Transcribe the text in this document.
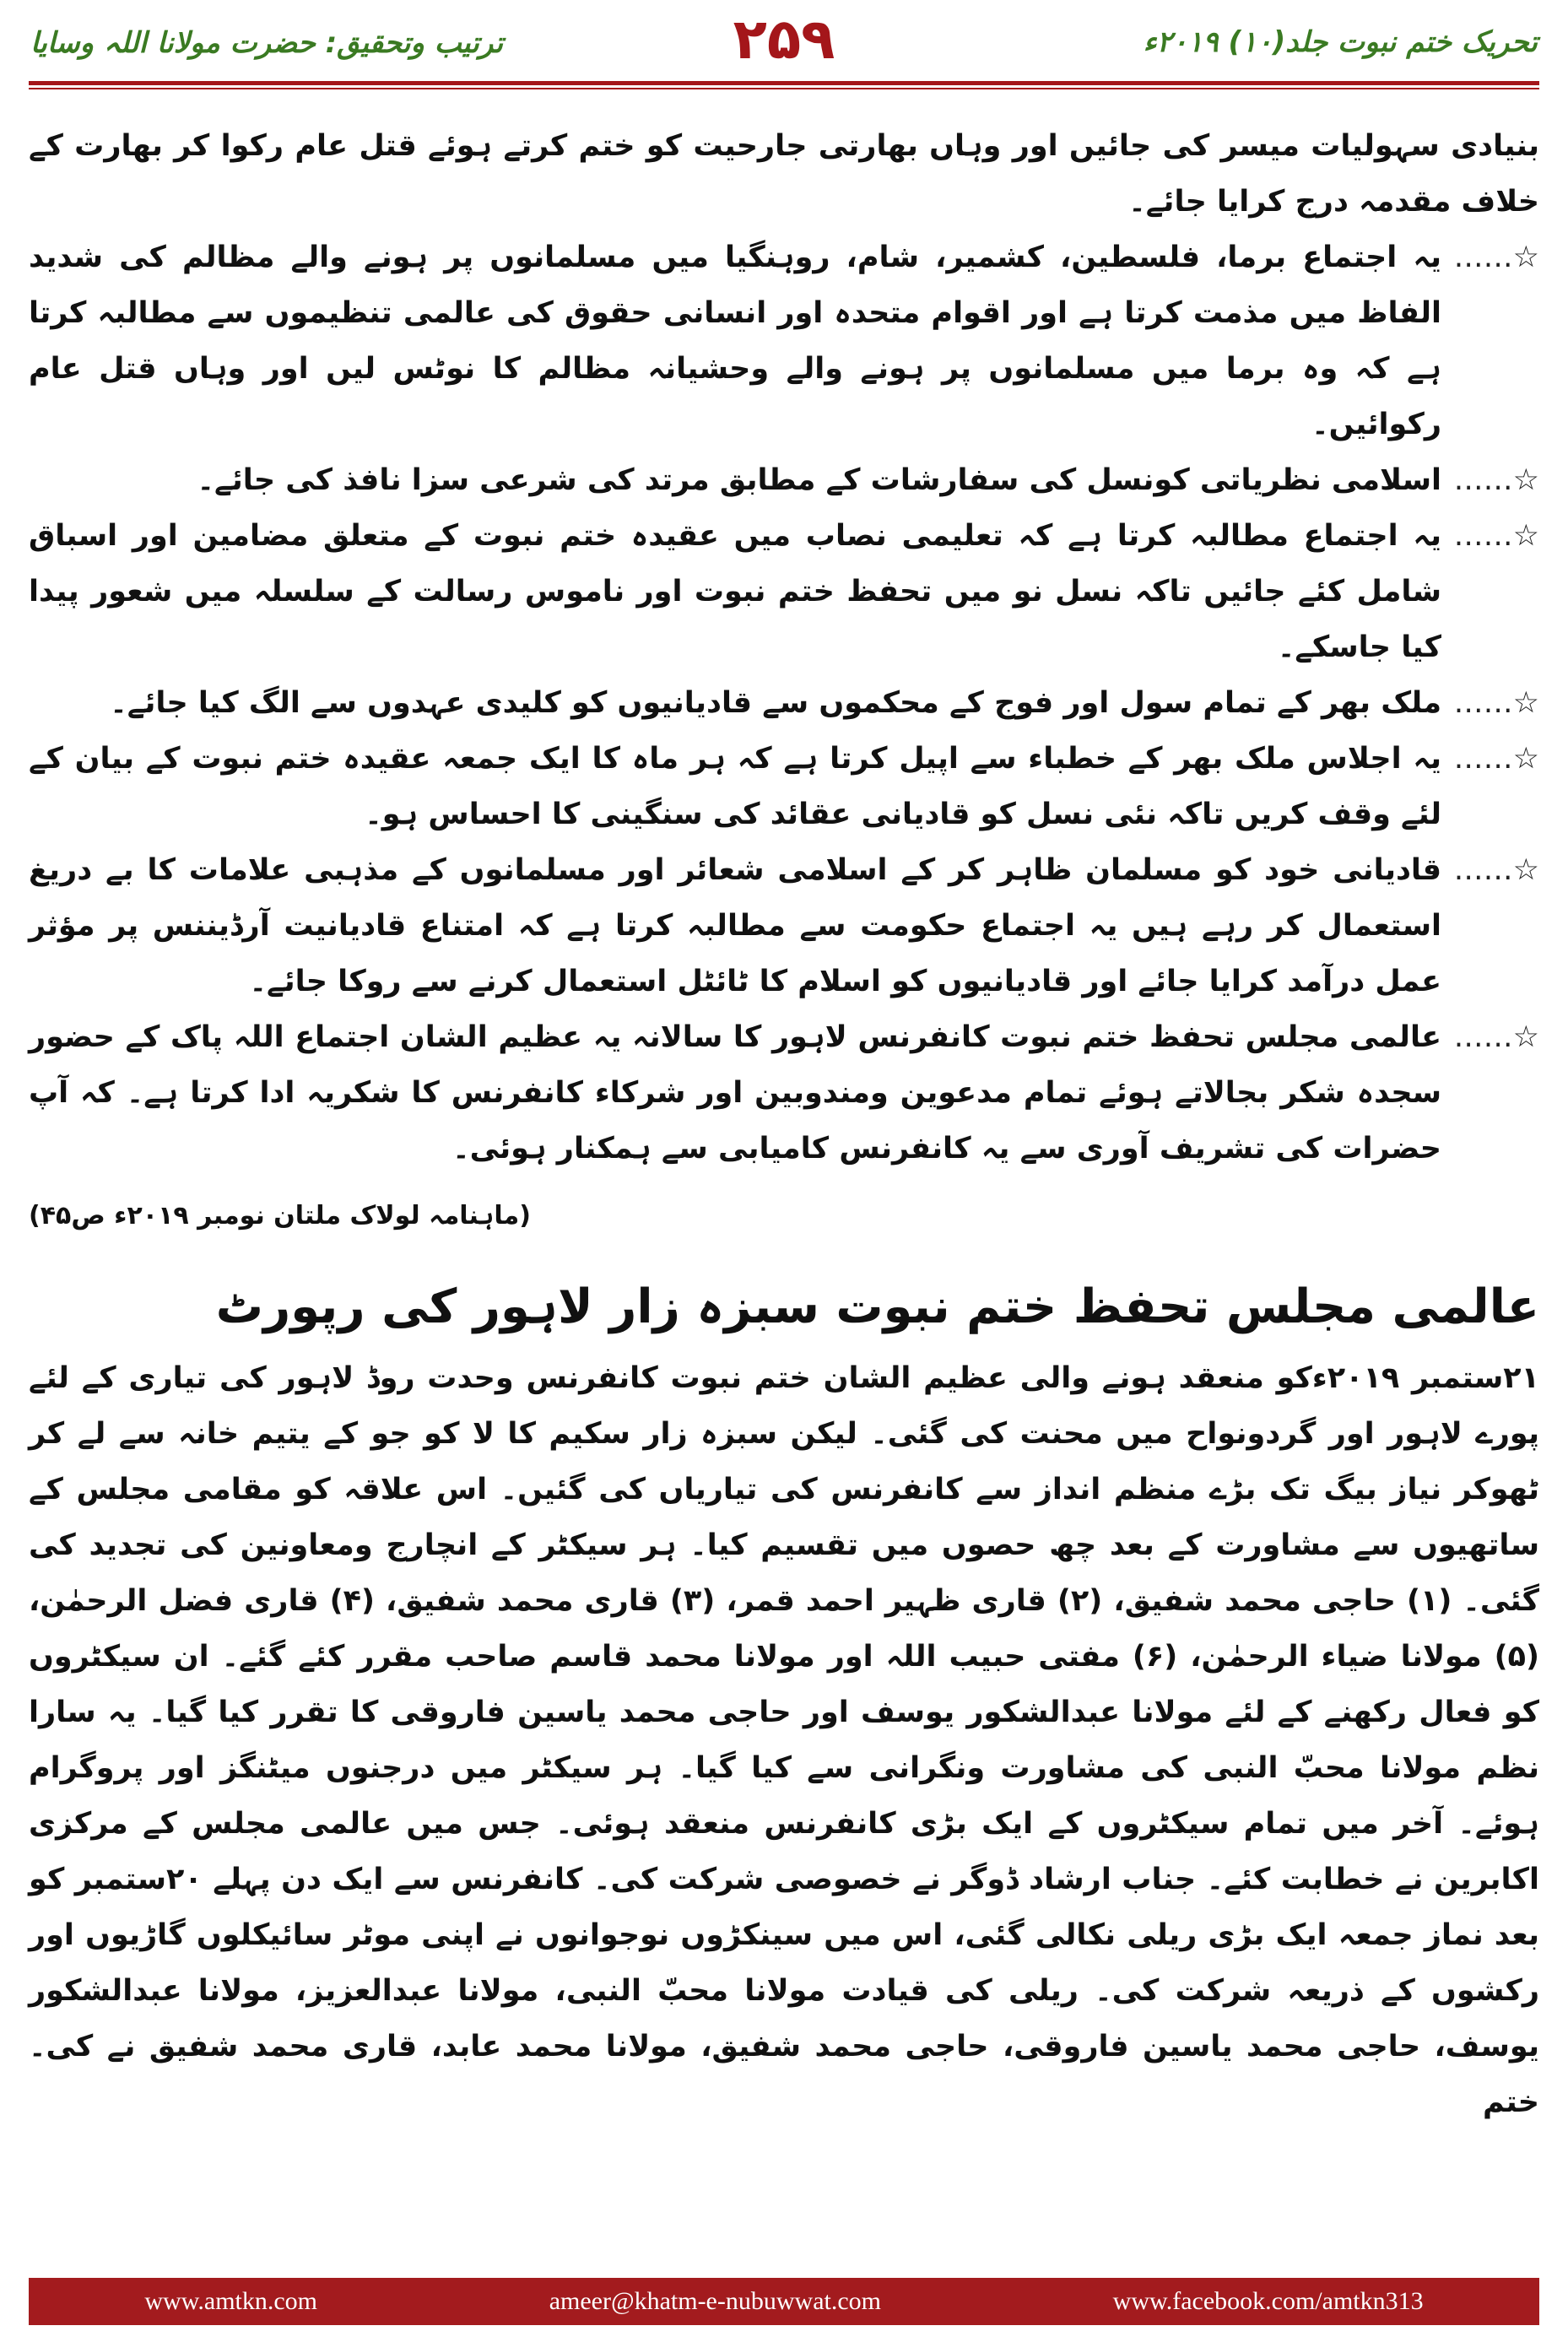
تحریک ختم نبوت جلد(۱۰) ۲۰۱۹ء
۲۵۹
ترتیب وتحقیق: حضرت مولانا اللہ وسایا

بنیادی سہولیات میسر کی جائیں اور وہاں بھارتی جارحیت کو ختم کرتے ہوئے قتل عام رکوا کر بھارت کے خلاف مقدمہ درج کرایا جائے۔

☆……
یہ اجتماع برما، فلسطین، کشمیر، شام، روہنگیا میں مسلمانوں پر ہونے والے مظالم کی شدید الفاظ میں مذمت کرتا ہے اور اقوام متحدہ اور انسانی حقوق کی عالمی تنظیموں سے مطالبہ کرتا ہے کہ وہ برما میں مسلمانوں پر ہونے والے وحشیانہ مظالم کا نوٹس لیں اور وہاں قتل عام رکوائیں۔
☆……
اسلامی نظریاتی کونسل کی سفارشات کے مطابق مرتد کی شرعی سزا نافذ کی جائے۔
☆……
یہ اجتماع مطالبہ کرتا ہے کہ تعلیمی نصاب میں عقیدہ ختم نبوت کے متعلق مضامین اور اسباق شامل کئے جائیں تاکہ نسل نو میں تحفظ ختم نبوت اور ناموس رسالت کے سلسلہ میں شعور پیدا کیا جاسکے۔
☆……
ملک بھر کے تمام سول اور فوج کے محکموں سے قادیانیوں کو کلیدی عہدوں سے الگ کیا جائے۔
☆……
یہ اجلاس ملک بھر کے خطباء سے اپیل کرتا ہے کہ ہر ماہ کا ایک جمعہ عقیدہ ختم نبوت کے بیان کے لئے وقف کریں تاکہ نئی نسل کو قادیانی عقائد کی سنگینی کا احساس ہو۔
☆……
قادیانی خود کو مسلمان ظاہر کر کے اسلامی شعائر اور مسلمانوں کے مذہبی علامات کا بے دریغ استعمال کر رہے ہیں یہ اجتماع حکومت سے مطالبہ کرتا ہے کہ امتناع قادیانیت آرڈیننس پر مؤثر عمل درآمد کرایا جائے اور قادیانیوں کو اسلام کا ٹائٹل استعمال کرنے سے روکا جائے۔
☆……
عالمی مجلس تحفظ ختم نبوت کانفرنس لاہور کا سالانہ یہ عظیم الشان اجتماع اللہ پاک کے حضور سجدہ شکر بجالاتے ہوئے تمام مدعوین ومندوبین اور شرکاء کانفرنس کا شکریہ ادا کرتا ہے۔ کہ آپ حضرات کی تشریف آوری سے یہ کانفرنس کامیابی سے ہمکنار ہوئی۔
(ماہنامہ لولاک ملتان نومبر ۲۰۱۹ء ص۴۵)
عالمی مجلس تحفظ ختم نبوت سبزہ زار لاہور کی رپورٹ

۲۱ستمبر ۲۰۱۹ءکو منعقد ہونے والی عظیم الشان ختم نبوت کانفرنس وحدت روڈ لاہور کی تیاری کے لئے پورے لاہور اور گردونواح میں محنت کی گئی۔ لیکن سبزہ زار سکیم کا لا کو جو کے یتیم خانہ سے لے کر ٹھوکر نیاز بیگ تک بڑے منظم انداز سے کانفرنس کی تیاریاں کی گئیں۔ اس علاقہ کو مقامی مجلس کے ساتھیوں سے مشاورت کے بعد چھ حصوں میں تقسیم کیا۔ ہر سیکٹر کے انچارج ومعاونین کی تجدید کی گئی۔ (۱) حاجی محمد شفیق، (۲) قاری ظہیر احمد قمر، (۳) قاری محمد شفیق، (۴) قاری فضل الرحمٰن، (۵) مولانا ضیاء الرحمٰن، (۶) مفتی حبیب اللہ اور مولانا محمد قاسم صاحب مقرر کئے گئے۔ ان سیکٹروں کو فعال رکھنے کے لئے مولانا عبدالشکور یوسف اور حاجی محمد یاسین فاروقی کا تقرر کیا گیا۔ یہ سارا نظم مولانا محبّ النبی کی مشاورت ونگرانی سے کیا گیا۔ ہر سیکٹر میں درجنوں میٹنگز اور پروگرام ہوئے۔ آخر میں تمام سیکٹروں کے ایک بڑی کانفرنس منعقد ہوئی۔ جس میں عالمی مجلس کے مرکزی اکابرین نے خطابت کئے۔ جناب ارشاد ڈوگر نے خصوصی شرکت کی۔ کانفرنس سے ایک دن پہلے ۲۰ستمبر کو بعد نماز جمعہ ایک بڑی ریلی نکالی گئی، اس میں سینکڑوں نوجوانوں نے اپنی موٹر سائیکلوں گاڑیوں اور رکشوں کے ذریعہ شرکت کی۔ ریلی کی قیادت مولانا محبّ النبی، مولانا عبدالعزیز، مولانا عبدالشکور یوسف، حاجی محمد یاسین فاروقی، حاجی محمد شفیق، مولانا محمد عابد، قاری محمد شفیق نے کی۔ ختم

www.amtkn.com	ameer@khatm-e-nubuwwat.com	www.facebook.com/amtkn313
